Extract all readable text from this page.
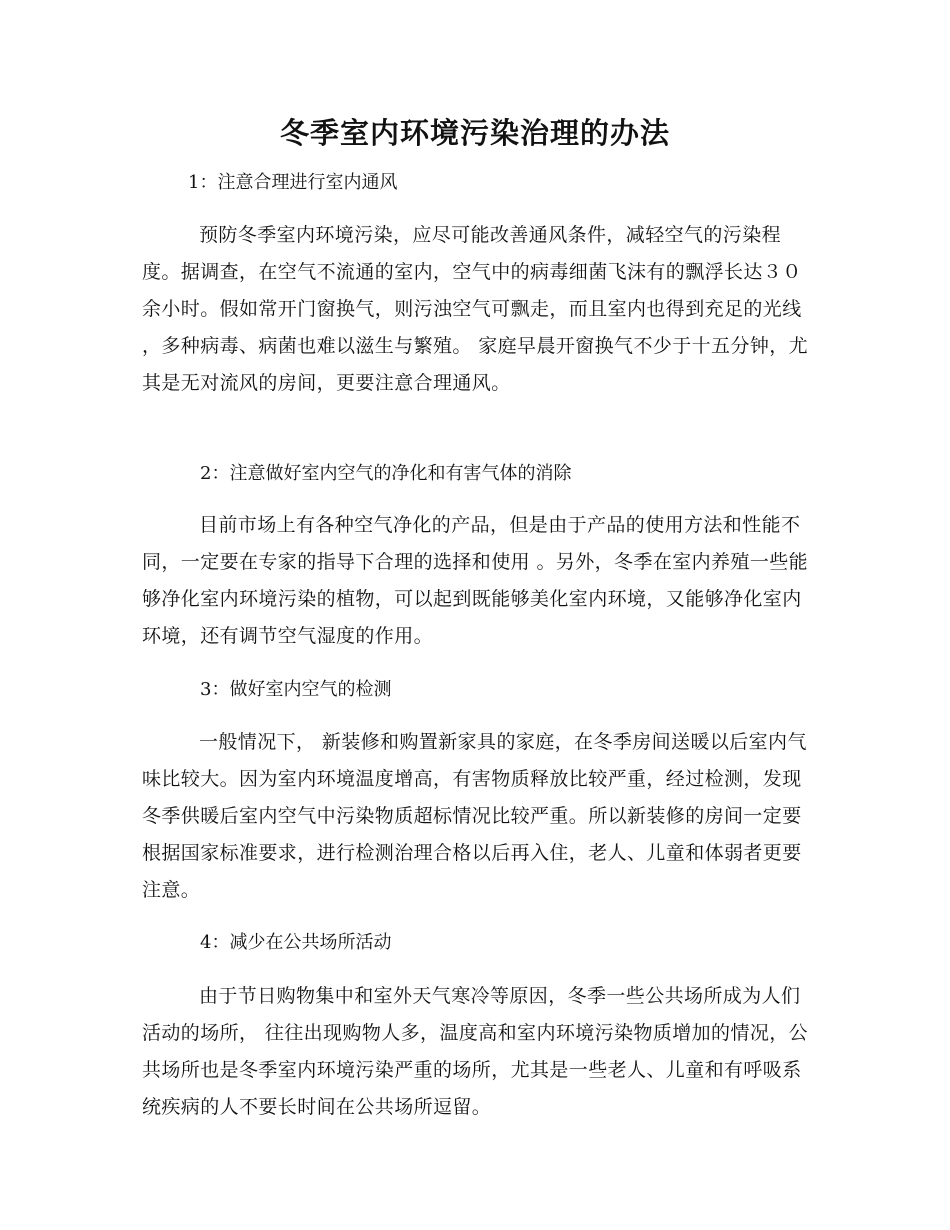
冬季室内环境污染治理的办法

1：注意合理进行室内通风

预防冬季室内环境污染，应尽可能改善通风条件，减轻空气的污染程度。据调查，在空气不流通的室内，空气中的病毒细菌飞沫有的飘浮长达３０余小时。假如常开门窗换气，则污浊空气可飘走，而且室内也得到充足的光线 ，多种病毒、病菌也难以滋生与繁殖。 家庭早晨开窗换气不少于十五分钟，尤其是无对流风的房间，更要注意合理通风。

2：注意做好室内空气的净化和有害气体的消除

目前市场上有各种空气净化的产品，但是由于产品的使用方法和性能不同，一定要在专家的指导下合理的选择和使用 。另外，冬季在室内养殖一些能够净化室内环境污染的植物，可以起到既能够美化室内环境，又能够净化室内环境，还有调节空气湿度的作用。

3：做好室内空气的检测

一般情况下， 新装修和购置新家具的家庭，在冬季房间送暖以后室内气味比较大。因为室内环境温度增高，有害物质释放比较严重，经过检测，发现冬季供暖后室内空气中污染物质超标情况比较严重。所以新装修的房间一定要根据国家标准要求，进行检测治理合格以后再入住，老人、儿童和体弱者更要注意。

4：减少在公共场所活动

由于节日购物集中和室外天气寒冷等原因，冬季一些公共场所成为人们活动的场所， 往往出现购物人多，温度高和室内环境污染物质增加的情况，公共场所也是冬季室内环境污染严重的场所，尤其是一些老人、儿童和有呼吸系统疾病的人不要长时间在公共场所逗留。
